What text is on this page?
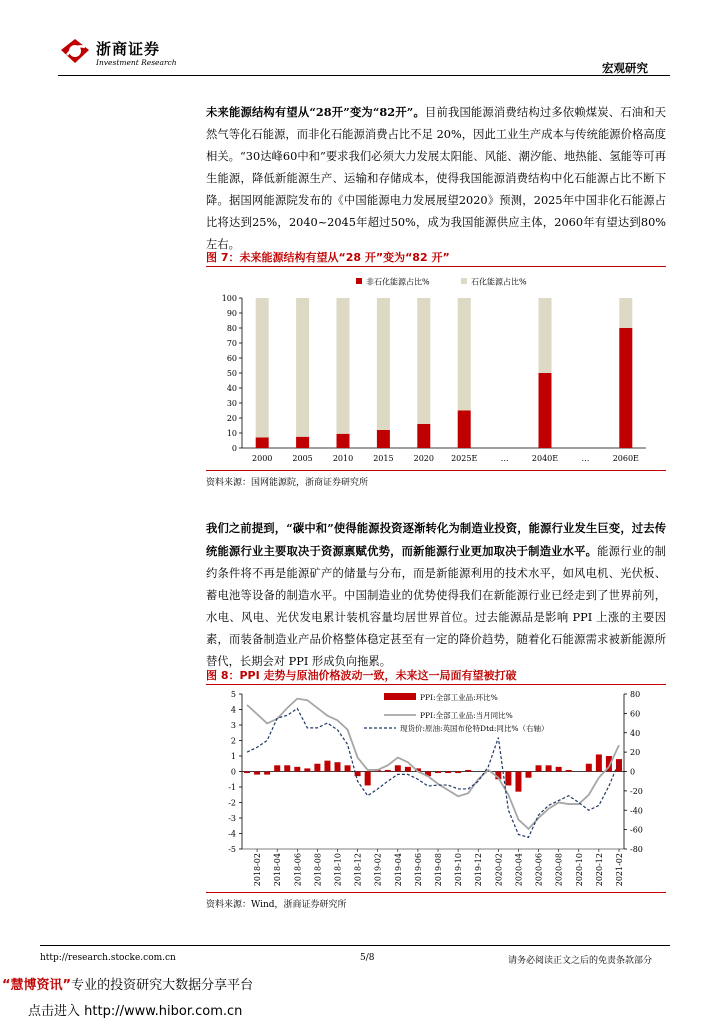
浙商证券
Investment Research	宏观研究
未来能源结构有望从“28开”变为“82开”。目前我国能源消费结构过多依赖煤炭、石油和天然气等化石能源，而非化石能源消费占比不足 20%，因此工业生产成本与传统能源价格高度相关。“30达峰60中和”要求我们必须大力发展太阳能、风能、潮汐能、地热能、氢能等可再生能源，降低新能源生产、运输和存储成本，使得我国能源消费结构中化石能源占比不断下降。据国网能源院发布的《中国能源电力发展展望2020》预测，2025年中国非化石能源占比将达到25%，2040~2045年超过50%，成为我国能源供应主体，2060年有望达到80%左右。
图 7：未来能源结构有望从“28 开”变为“82 开”
非石化能源占比%	石化能源占比%
0
10
20
30
40
50
60
70
80
90
100
2000	2005	2010	2015	2020 2025E	…	2040E	…	2060E
资料来源：国网能源院，浙商证券研究所
我们之前提到，“碳中和”使得能源投资逐渐转化为制造业投资，能源行业发生巨变，过去传统能源行业主要取决于资源禀赋优势，而新能源行业更加取决于制造业水平。能源行业的制约条件将不再是能源矿产的储量与分布，而是新能源利用的技术水平，如风电机、光伏板、蓄电池等设备的制造水平。中国制造业的优势使得我们在新能源行业已经走到了世界前列，水电、风电、光伏发电累计装机容量均居世界首位。过去能源品是影响 PPI 上涨的主要因素，而装备制造业产品价格整体稳定甚至有一定的降价趋势，随着化石能源需求被新能源所替代，长期会对 PPI 形成负向拖累。
图 8：PPI 走势与原油价格波动一致，未来这一局面有望被打破
-5
-4
-3
-2
-1
0
1
2
3
4
5
-80
-60
-40
-20
0
20
40
60
80
2018-02 2018-04 2018-06 2018-08 2018-10 2018-12 2019-02 2019-04 2019-06 2019-08 2019-10 2019-12 2020-02 2020-04 2020-06 2020-08 2020-10 2020-12 2021-02
PPI:全部工业品:环比%
PPI:全部工业品:当月同比%
现货价:原油:英国布伦特Dtd:同比%（右轴）
资料来源：Wind，浙商证券研究所
http://research.stocke.com.cn	5/8	请务必阅读正文之后的免责条款部分
“慧博资讯”专业的投资研究大数据分享平台
点击进入 http://www.hibor.com.cn
